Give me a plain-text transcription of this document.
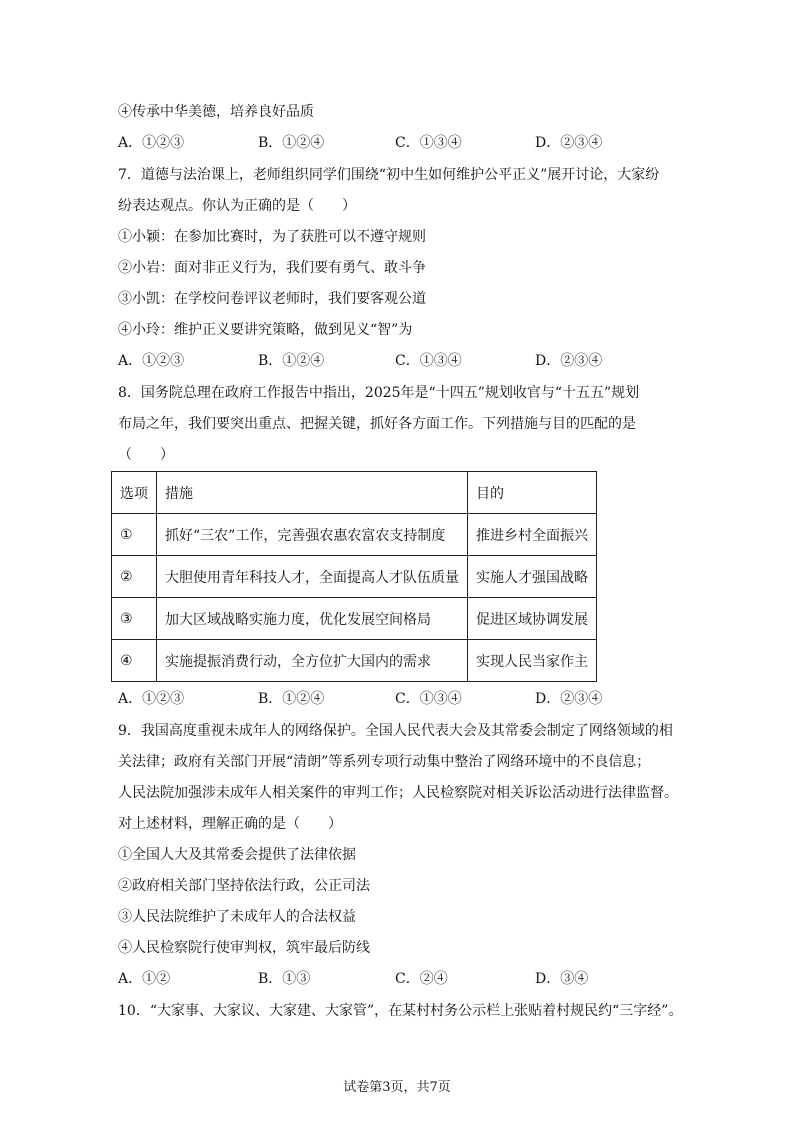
④传承中华美德，培养良好品质
A．①②③	B．①②④	C．①③④	D．②③④
7．道德与法治课上，老师组织同学们围绕“初中生如何维护公平正义”展开讨论，大家纷
纷表达观点。你认为正确的是（　　）
①小颖：在参加比赛时，为了获胜可以不遵守规则
②小岩：面对非正义行为，我们要有勇气、敢斗争
③小凯：在学校问卷评议老师时，我们要客观公道
④小玲：维护正义要讲究策略，做到见义“智”为
A．①②③	B．①②④	C．①③④	D．②③④
8．国务院总理在政府工作报告中指出，2025年是“十四五”规划收官与“十五五”规划
布局之年，我们要突出重点、把握关键，抓好各方面工作。下列措施与目的匹配的是
（　　）
选项	措施	目的
①	抓好“三农”工作，完善强农惠农富农支持制度	推进乡村全面振兴
②	大胆使用青年科技人才，全面提高人才队伍质量	实施人才强国战略
③	加大区域战略实施力度，优化发展空间格局	促进区域协调发展
④	实施提振消费行动，全方位扩大国内的需求	实现人民当家作主
A．①②③	B．①②④	C．①③④	D．②③④
9．我国高度重视未成年人的网络保护。全国人民代表大会及其常委会制定了网络领域的相
关法律；政府有关部门开展“清朗”等系列专项行动集中整治了网络环境中的不良信息；
人民法院加强涉未成年人相关案件的审判工作；人民检察院对相关诉讼活动进行法律监督。
对上述材料，理解正确的是（　　）
①全国人大及其常委会提供了法律依据
②政府相关部门坚持依法行政，公正司法
③人民法院维护了未成年人的合法权益
④人民检察院行使审判权，筑牢最后防线
A．①②	B．①③	C．②④	D．③④
10．“大家事、大家议、大家建、大家管”，在某村村务公示栏上张贴着村规民约“三字经”。
试卷第3页，共7页
